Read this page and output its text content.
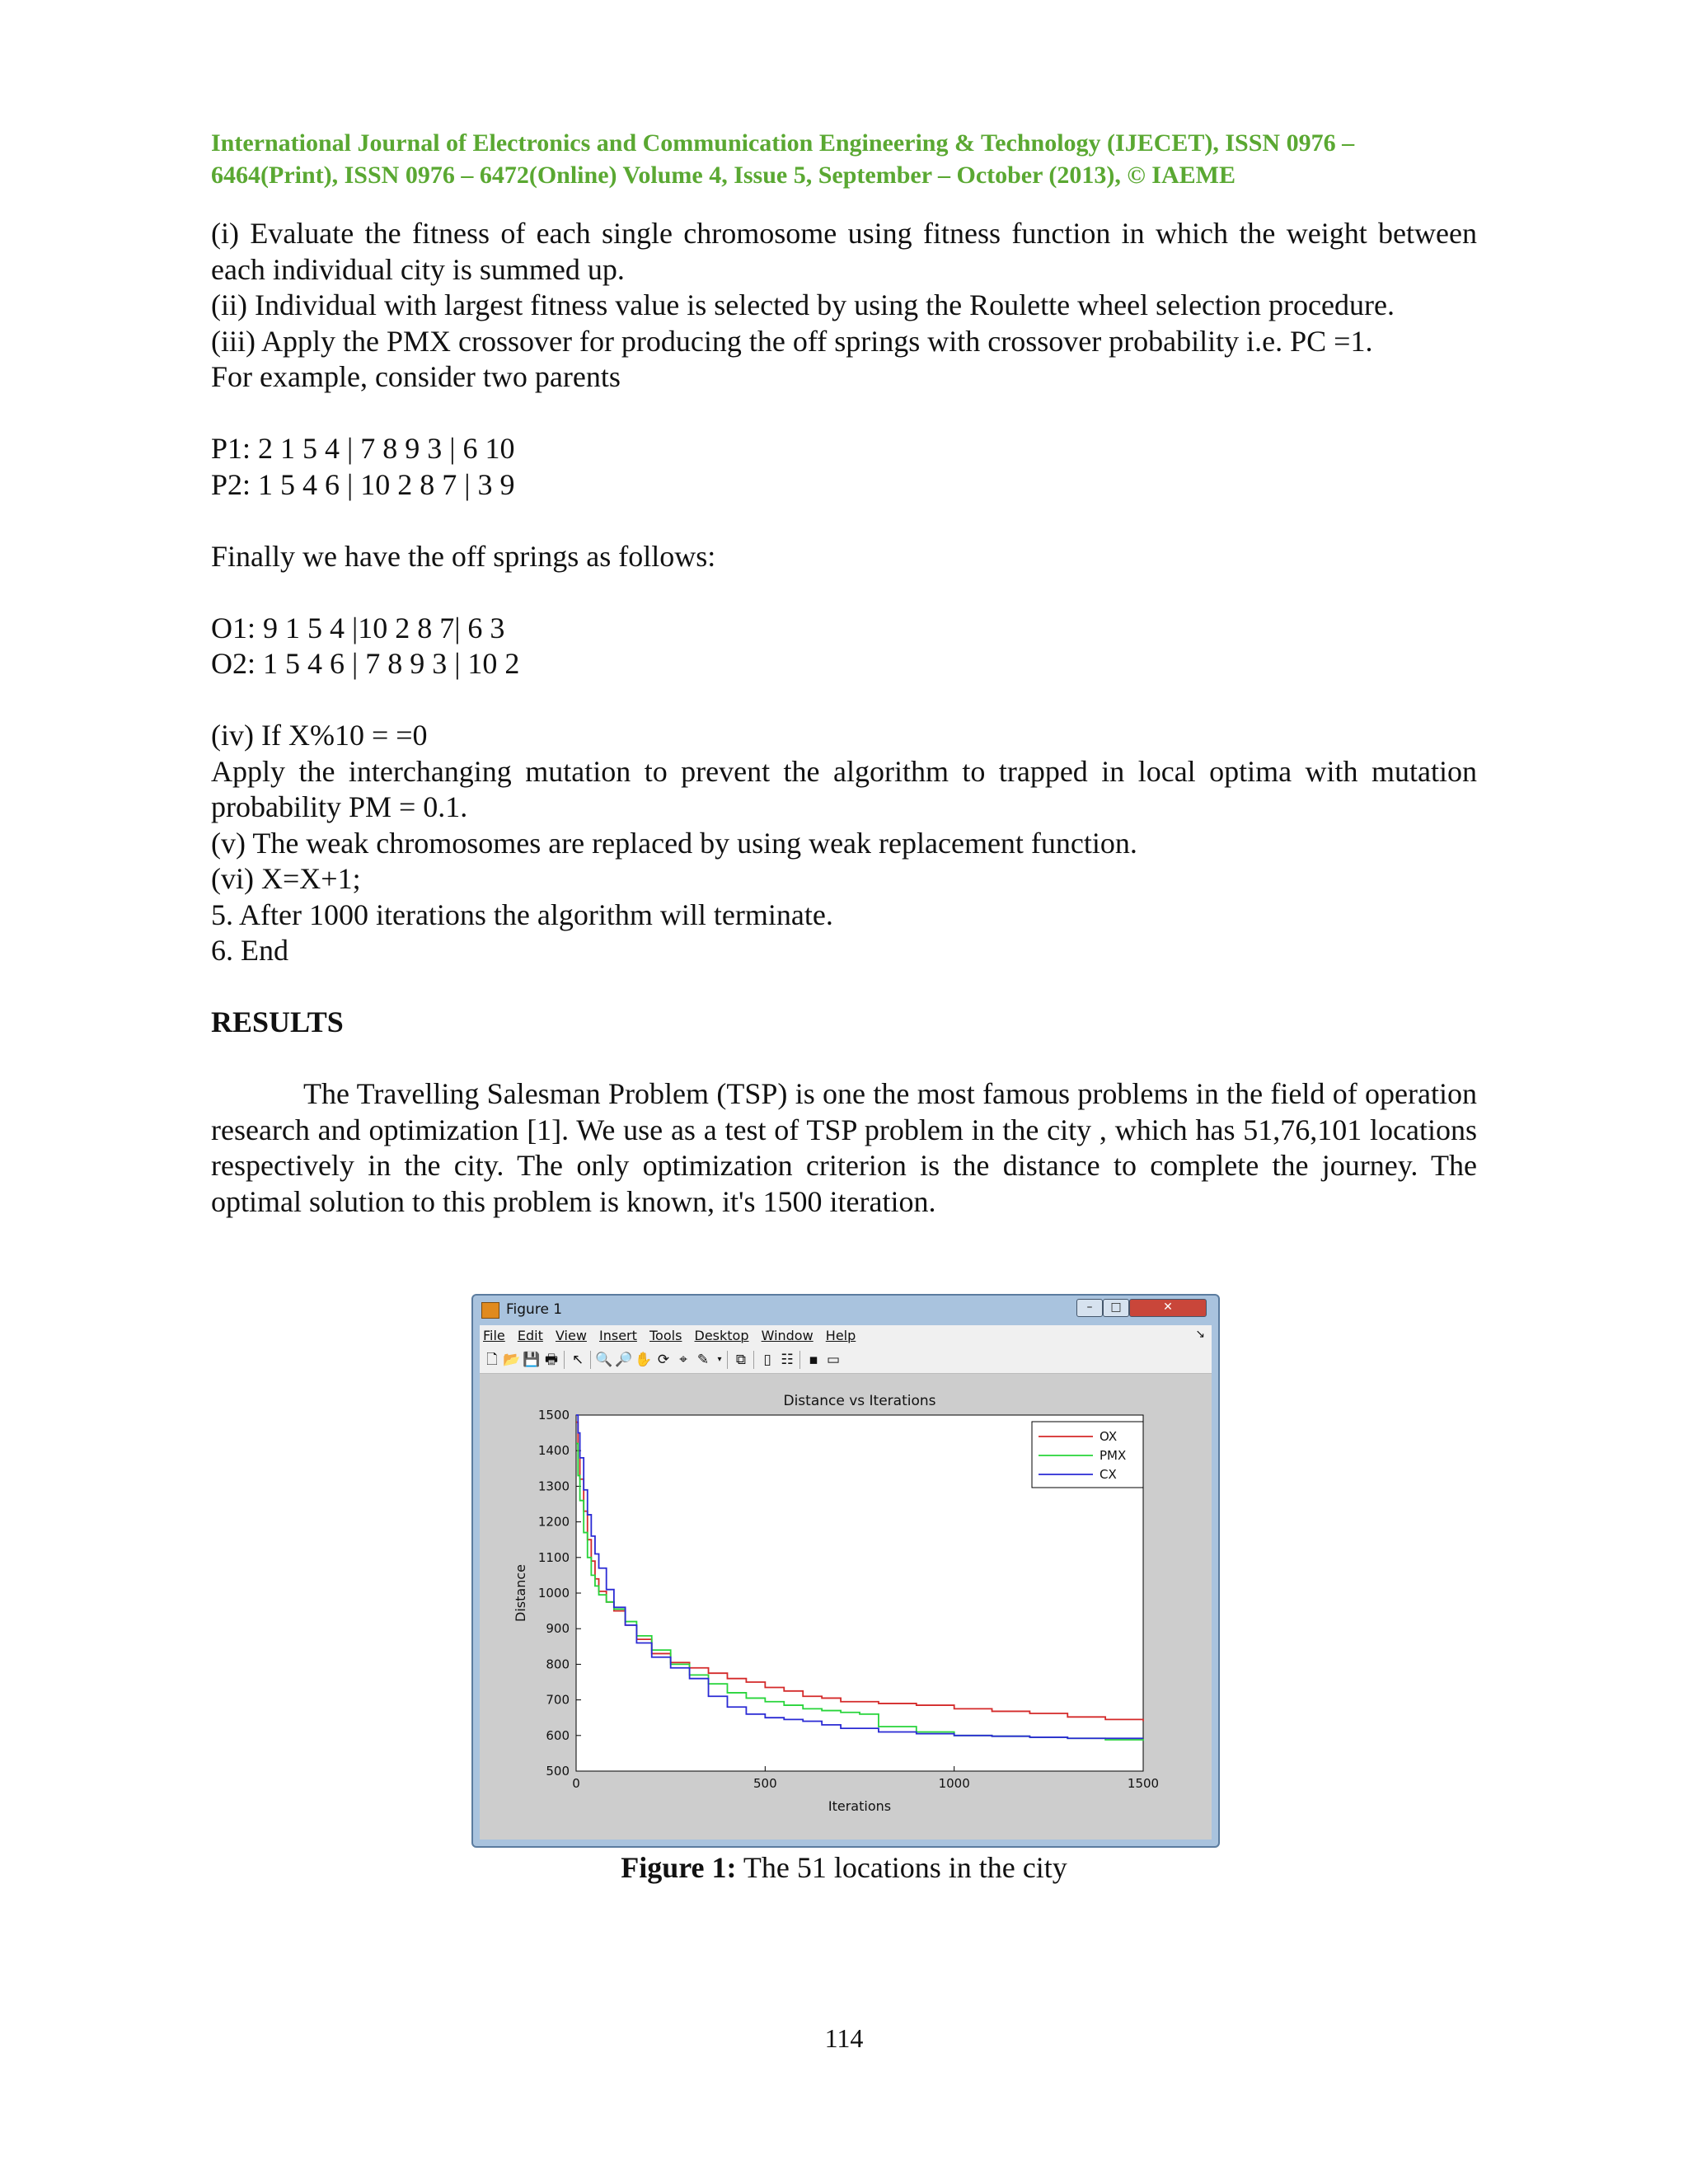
International Journal of Electronics and Communication Engineering & Technology (IJECET), ISSN 0976 –
6464(Print), ISSN 0976 – 6472(Online) Volume 4, Issue 5, September – October (2013), © IAEME

(i) Evaluate the fitness of each single chromosome using fitness function in which the weight between each individual city is summed up.

(ii) Individual with largest fitness value is selected by using the Roulette wheel selection procedure.

(iii) Apply the PMX crossover for producing the off springs with crossover probability i.e. PC =1.

For example, consider two parents

P1: 2 1 5 4 | 7 8 9 3 | 6 10

P2: 1 5 4 6 | 10 2 8 7 | 3 9

Finally we have the off springs as follows:

O1: 9 1 5 4 |10 2 8 7| 6 3

O2: 1 5 4 6 | 7 8 9 3 | 10 2

(iv) If X%10 = =0

Apply the interchanging mutation to prevent the algorithm to trapped in local optima with mutation probability PM = 0.1.

(v) The weak chromosomes are replaced by using weak replacement function.

(vi) X=X+1;

5. After 1000 iterations the algorithm will terminate.

6. End

RESULTS

The Travelling Salesman Problem (TSP) is one the most famous problems in the field of operation research and optimization [1]. We use as a test of TSP problem in the city , which has 51,76,101 locations respectively in the city. The only optimization criterion is the distance to complete the journey. The optimal solution to this problem is known, it's 1500 iteration.

Figure 1	–	□	✕
File Edit View Insert Tools Desktop Window Help	↘
🗋 📂 💾 🖶 ↖ 🔍 🔎 ✋ ⟳ ⌖ ✎	▾	⧉	▯ ☷	▪ ▭
Distance vs Iterations
Iterations
Distance
0	500	1000	1500
500
600
700
800
900
1000
1100
1200
1300
1400
1500
OX
PMX
CX
Figure 1: The 51 locations in the city
114
